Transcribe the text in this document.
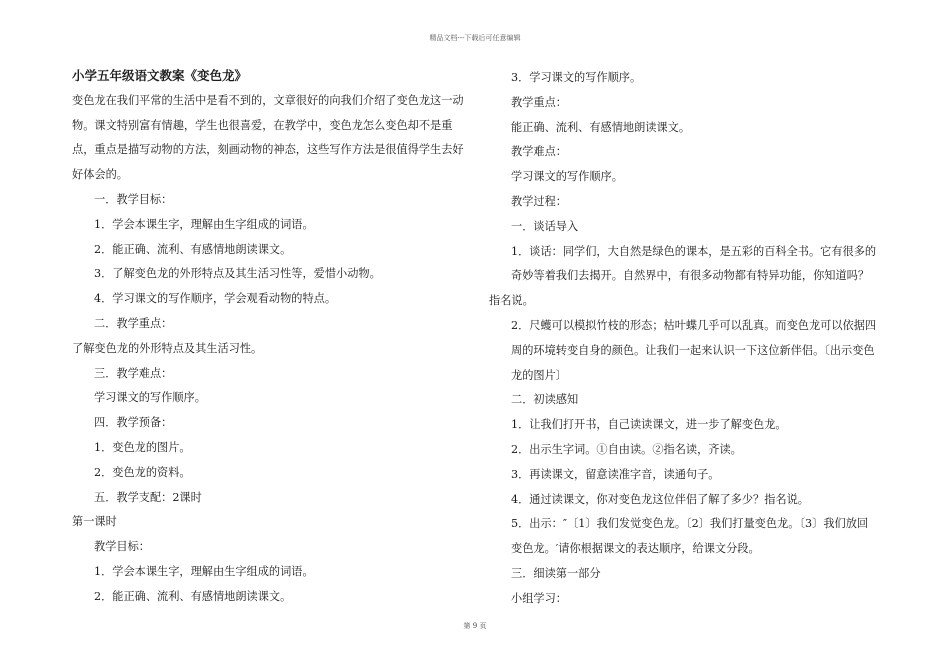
精品文档---下载后可任意编辑

小学五年级语文教案《变色龙》

变色龙在我们平常的生活中是看不到的，文章很好的向我们介绍了变色龙这一动物。课文特别富有情趣，学生也很喜爱，在教学中，变色龙怎么变色却不是重点，重点是描写动物的方法，刻画动物的神态，这些写作方法是很值得学生去好好体会的。

一．教学目标：

1．学会本课生字，理解由生字组成的词语。

2．能正确、流利、有感情地朗读课文。

3．了解变色龙的外形特点及其生活习性等，爱惜小动物。

4．学习课文的写作顺序，学会观看动物的特点。

二．教学重点：

了解变色龙的外形特点及其生活习性。

三．教学难点：

学习课文的写作顺序。

四．教学预备：

1．变色龙的图片。

2．变色龙的资料。

五．教学支配：2课时

第一课时

教学目标：

1．学会本课生字，理解由生字组成的词语。

2．能正确、流利、有感情地朗读课文。

3．学习课文的写作顺序。

教学重点：

能正确、流利、有感情地朗读课文。

教学难点：

学习课文的写作顺序。

教学过程：

一．谈话导入

1．谈话：同学们，大自然是绿色的课本，是五彩的百科全书。它有很多的奇妙等着我们去揭开。自然界中，有很多动物都有特异功能，你知道吗？

指名说。

2．尺蠖可以模拟竹枝的形态；枯叶蝶几乎可以乱真。而变色龙可以依据四周的环境转变自身的颜色。让我们一起来认识一下这位新伴侣。〔出示变色龙的图片〕

二．初读感知

1．让我们打开书，自己读读课文，进一步了解变色龙。

2．出示生字词。①自由读。②指名读，齐读。

3．再读课文，留意读准字音，读通句子。

4．通过读课文，你对变色龙这位伴侣了解了多少？指名说。

5．出示：″〔1〕我们发觉变色龙。〔2〕我们打量变色龙。〔3〕我们放回变色龙。′请你根据课文的表达顺序，给课文分段。

三．细读第一部分

小组学习：

第 9 页
